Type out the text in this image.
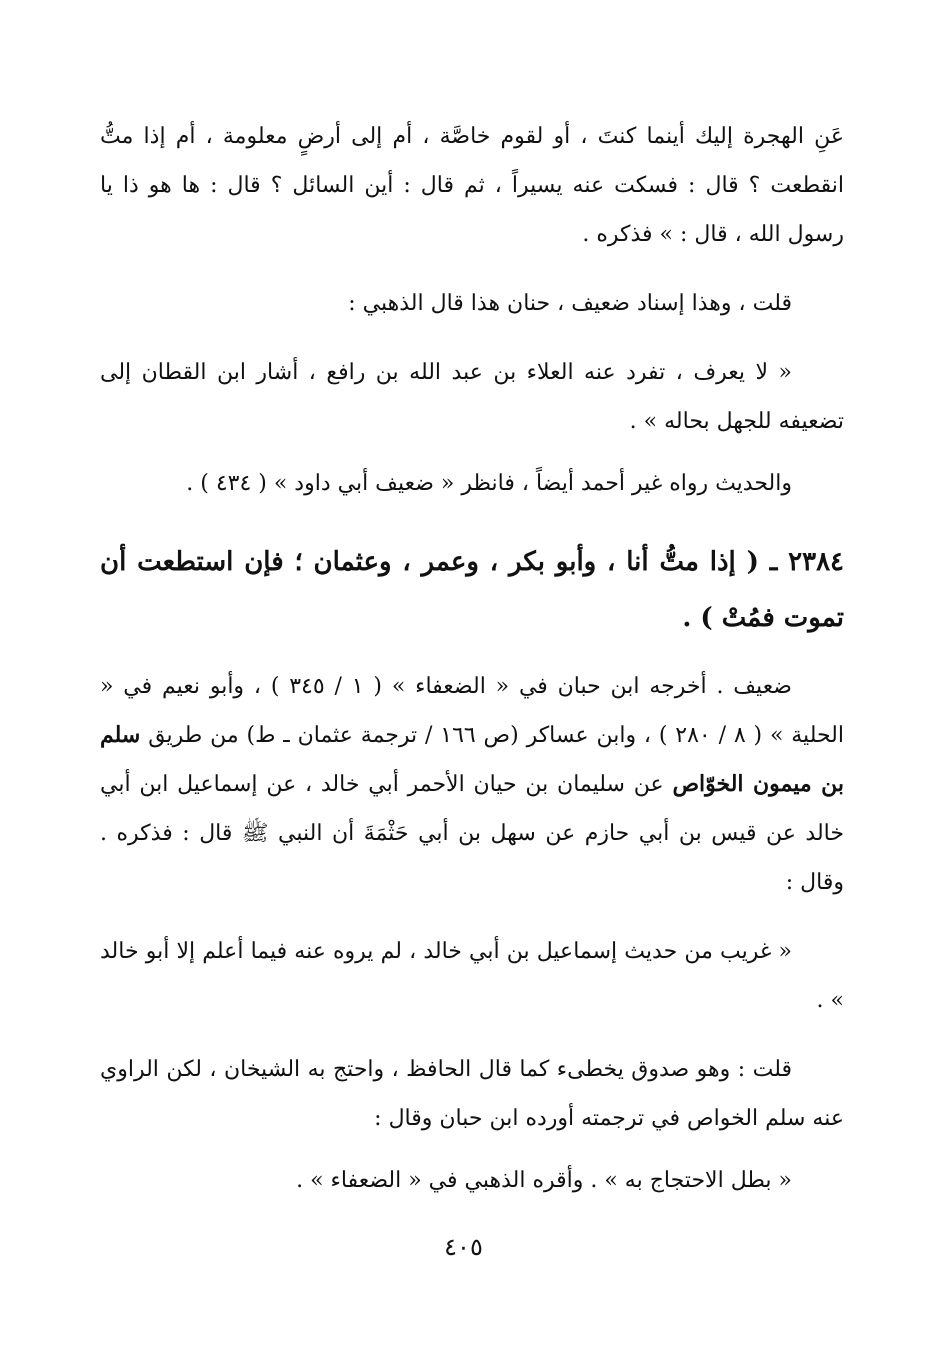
عَنِ الهجرة إليك أينما كنتَ ، أو لقوم خاصَّة ، أم إلى أرضٍ معلومة ، أم إذا متُّ انقطعت ؟ قال : فسكت عنه يسيراً ، ثم قال : أين السائل ؟ قال : ها هو ذا يا رسول الله ، قال : » فذكره .

قلت ، وهذا إسناد ضعيف ، حنان هذا قال الذهبي :

« لا يعرف ، تفرد عنه العلاء بن عبد الله بن رافع ، أشار ابن القطان إلى تضعيفه للجهل بحاله » .

والحديث رواه غير أحمد أيضاً ، فانظر « ضعيف أبي داود » ( ٤٣٤ ) .

٢٣٨٤ ـ ( إذا متُّ أنا ، وأبو بكر ، وعمر ، وعثمان ؛ فإن استطعت أن تموت فمُتْ ) .

ضعيف . أخرجه ابن حبان في « الضعفاء » ( ١ / ٣٤٥ ) ، وأبو نعيم في « الحلية » ( ٨ / ٢٨٠ ) ، وابن عساكر (ص ١٦٦ / ترجمة عثمان ـ ط) من طريق سلم بن ميمون الخوّاص عن سليمان بن حيان الأحمر أبي خالد ، عن إسماعيل ابن أبي خالد عن قيس بن أبي حازم عن سهل بن أبي حَثْمَةَ أن النبي ﷺ قال : فذكره . وقال :

« غريب من حديث إسماعيل بن أبي خالد ، لم يروه عنه فيما أعلم إلا أبو خالد » .

قلت : وهو صدوق يخطىء كما قال الحافظ ، واحتج به الشيخان ، لكن الراوي عنه سلم الخواص في ترجمته أورده ابن حبان وقال :

« بطل الاحتجاج به » . وأقره الذهبي في « الضعفاء » .

٤٠٥
